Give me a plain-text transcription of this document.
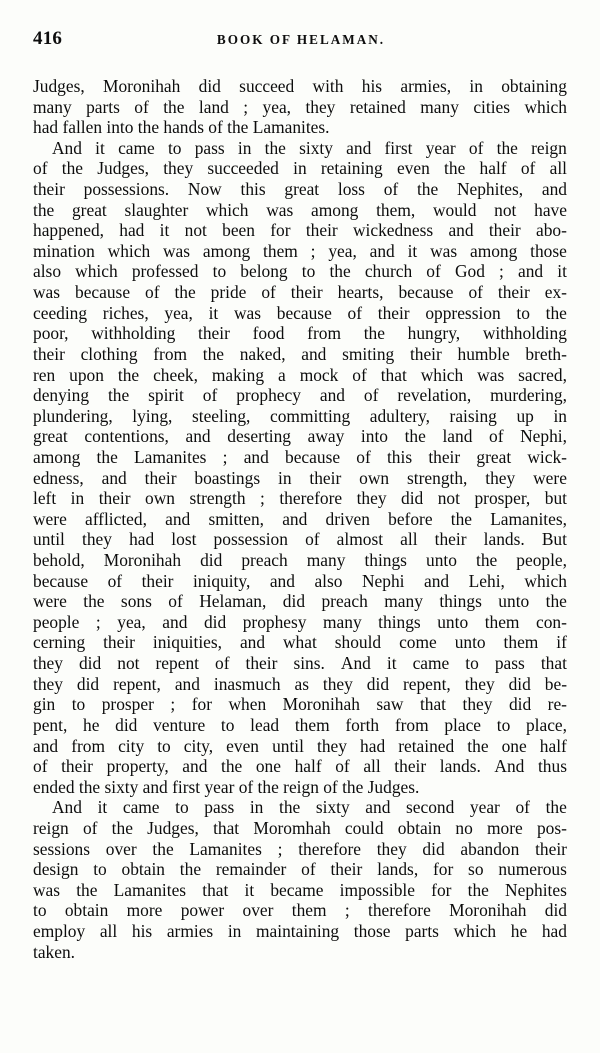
416	BOOK OF HELAMAN.
Judges, Moronihah did succeed with his armies, in obtaining
many parts of the land ; yea, they retained many cities which
had fallen into the hands of the Lamanites.
And it came to pass in the sixty and first year of the reign
of the Judges, they succeeded in retaining even the half of all
their possessions. Now this great loss of the Nephites, and
the great slaughter which was among them, would not have
happened, had it not been for their wickedness and their abo-
mination which was among them ; yea, and it was among those
also which professed to belong to the church of God ; and it
was because of the pride of their hearts, because of their ex-
ceeding riches, yea, it was because of their oppression to the
poor, withholding their food from the hungry, withholding
their clothing from the naked, and smiting their humble breth-
ren upon the cheek, making a mock of that which was sacred,
denying the spirit of prophecy and of revelation, murdering,
plundering, lying, steeling, committing adultery, raising up in
great contentions, and deserting away into the land of Nephi,
among the Lamanites ; and because of this their great wick-
edness, and their boastings in their own strength, they were
left in their own strength ; therefore they did not prosper, but
were afflicted, and smitten, and driven before the Lamanites,
until they had lost possession of almost all their lands. But
behold, Moronihah did preach many things unto the people,
because of their iniquity, and also Nephi and Lehi, which
were the sons of Helaman, did preach many things unto the
people ; yea, and did prophesy many things unto them con-
cerning their iniquities, and what should come unto them if
they did not repent of their sins. And it came to pass that
they did repent, and inasmuch as they did repent, they did be-
gin to prosper ; for when Moronihah saw that they did re-
pent, he did venture to lead them forth from place to place,
and from city to city, even until they had retained the one half
of their property, and the one half of all their lands. And thus
ended the sixty and first year of the reign of the Judges.
And it came to pass in the sixty and second year of the
reign of the Judges, that Moromhah could obtain no more pos-
sessions over the Lamanites ; therefore they did abandon their
design to obtain the remainder of their lands, for so numerous
was the Lamanites that it became impossible for the Nephites
to obtain more power over them ; therefore Moronihah did
employ all his armies in maintaining those parts which he had
taken.
